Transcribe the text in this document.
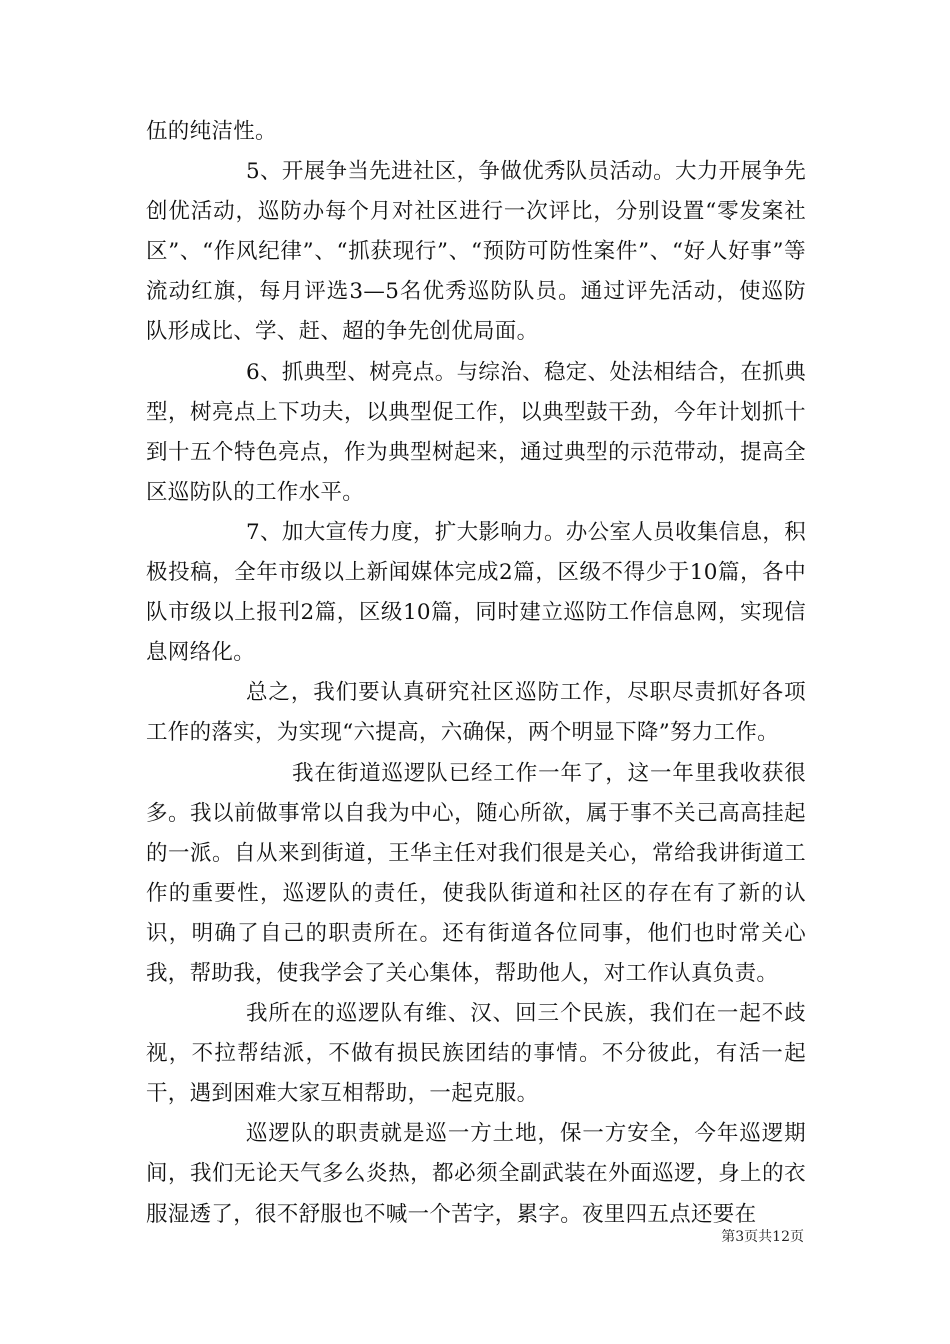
伍的纯洁性。

5、开展争当先进社区，争做优秀队员活动。大力开展争先创优活动，巡防办每个月对社区进行一次评比，分别设置“零发案社区”、“作风纪律”、“抓获现行”、“预防可防性案件”、“好人好事”等流动红旗，每月评选3—5名优秀巡防队员。通过评先活动，使巡防队形成比、学、赶、超的争先创优局面。

6、抓典型、树亮点。与综治、稳定、处法相结合，在抓典型，树亮点上下功夫，以典型促工作，以典型鼓干劲，今年计划抓十到十五个特色亮点，作为典型树起来，通过典型的示范带动，提高全区巡防队的工作水平。

7、加大宣传力度，扩大影响力。办公室人员收集信息，积极投稿，全年市级以上新闻媒体完成2篇，区级不得少于10篇，各中队市级以上报刊2篇，区级10篇，同时建立巡防工作信息网，实现信息网络化。

总之，我们要认真研究社区巡防工作，尽职尽责抓好各项工作的落实，为实现“六提高，六确保，两个明显下降”努力工作。

我在街道巡逻队已经工作一年了，这一年里我收获很多。我以前做事常以自我为中心，随心所欲，属于事不关己高高挂起的一派。自从来到街道，王华主任对我们很是关心，常给我讲街道工作的重要性，巡逻队的责任，使我队街道和社区的存在有了新的认识，明确了自己的职责所在。还有街道各位同事，他们也时常关心我，帮助我，使我学会了关心集体，帮助他人，对工作认真负责。

我所在的巡逻队有维、汉、回三个民族，我们在一起不歧视，不拉帮结派，不做有损民族团结的事情。不分彼此，有活一起干，遇到困难大家互相帮助，一起克服。

巡逻队的职责就是巡一方土地，保一方安全，今年巡逻期间，我们无论天气多么炎热，都必须全副武装在外面巡逻，身上的衣服湿透了，很不舒服也不喊一个苦字，累字。夜里四五点还要在

第3页共12页
